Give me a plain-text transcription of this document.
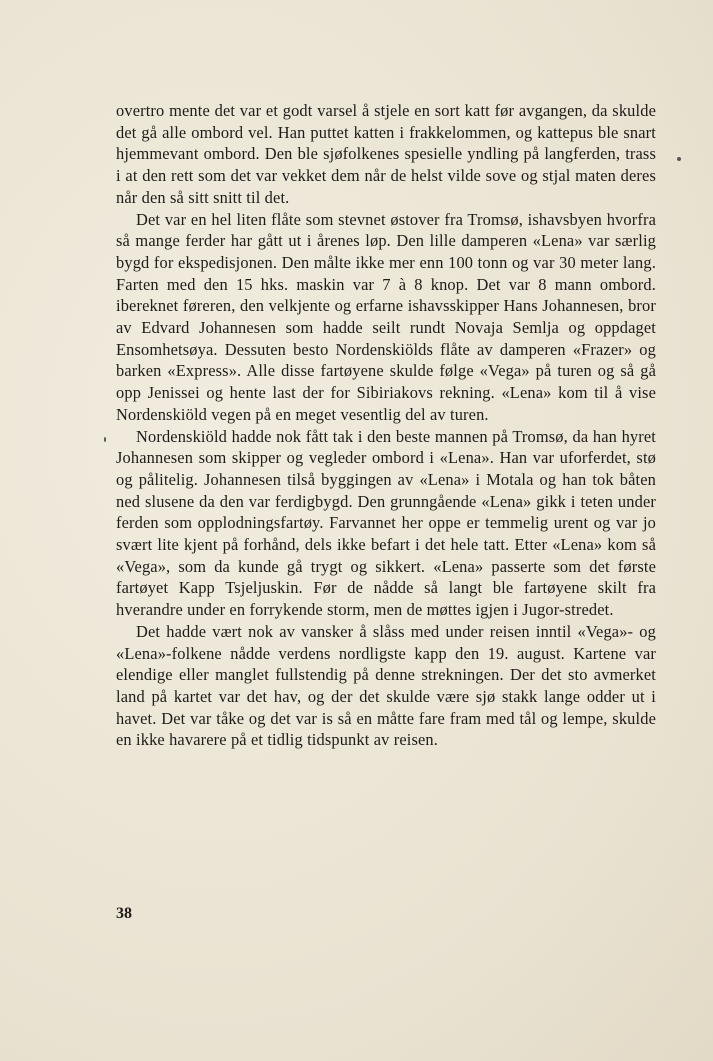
overtro mente det var et godt varsel å stjele en sort katt før avgangen, da skulde det gå alle ombord vel. Han puttet katten i frakkelommen, og kattepus ble snart hjemmevant ombord. Den ble sjøfolkenes spesielle yndling på langferden, trass i at den rett som det var vekket dem når de helst vilde sove og stjal maten deres når den så sitt snitt til det.

Det var en hel liten flåte som stevnet østover fra Tromsø, ishavsbyen hvorfra så mange ferder har gått ut i årenes løp. Den lille damperen «Lena» var særlig bygd for ekspedisjonen. Den målte ikke mer enn 100 tonn og var 30 meter lang. Farten med den 15 hks. maskin var 7 à 8 knop. Det var 8 mann ombord. ibereknet føreren, den velkjente og erfarne ishavsskipper Hans Johannesen, bror av Edvard Johannesen som hadde seilt rundt Novaja Semlja og oppdaget Ensomhetsøya. Dessuten besto Nordenskiölds flåte av damperen «Frazer» og barken «Express». Alle disse fartøyene skulde følge «Vega» på turen og så gå opp Jenissei og hente last der for Sibiriakovs rekning. «Lena» kom til å vise Nordenskiöld vegen på en meget vesentlig del av turen.

Nordenskiöld hadde nok fått tak i den beste mannen på Tromsø, da han hyret Johannesen som skipper og vegleder ombord i «Lena». Han var uforferdet, stø og pålitelig. Johannesen tilså byggingen av «Lena» i Motala og han tok båten ned slusene da den var ferdigbygd. Den grunngående «Lena» gikk i teten under ferden som opplodningsfartøy. Farvannet her oppe er temmelig urent og var jo svært lite kjent på forhånd, dels ikke befart i det hele tatt. Etter «Lena» kom så «Vega», som da kunde gå trygt og sikkert. «Lena» passerte som det første fartøyet Kapp Tsjeljuskin. Før de nådde så langt ble fartøyene skilt fra hverandre under en forrykende storm, men de møttes igjen i Jugor-stredet.

Det hadde vært nok av vansker å slåss med under reisen inntil «Vega»- og «Lena»-folkene nådde verdens nordligste kapp den 19. august. Kartene var elendige eller manglet fullstendig på denne strekningen. Der det sto avmerket land på kartet var det hav, og der det skulde være sjø stakk lange odder ut i havet. Det var tåke og det var is så en måtte fare fram med tål og lempe, skulde en ikke havarere på et tidlig tidspunkt av reisen.

38
